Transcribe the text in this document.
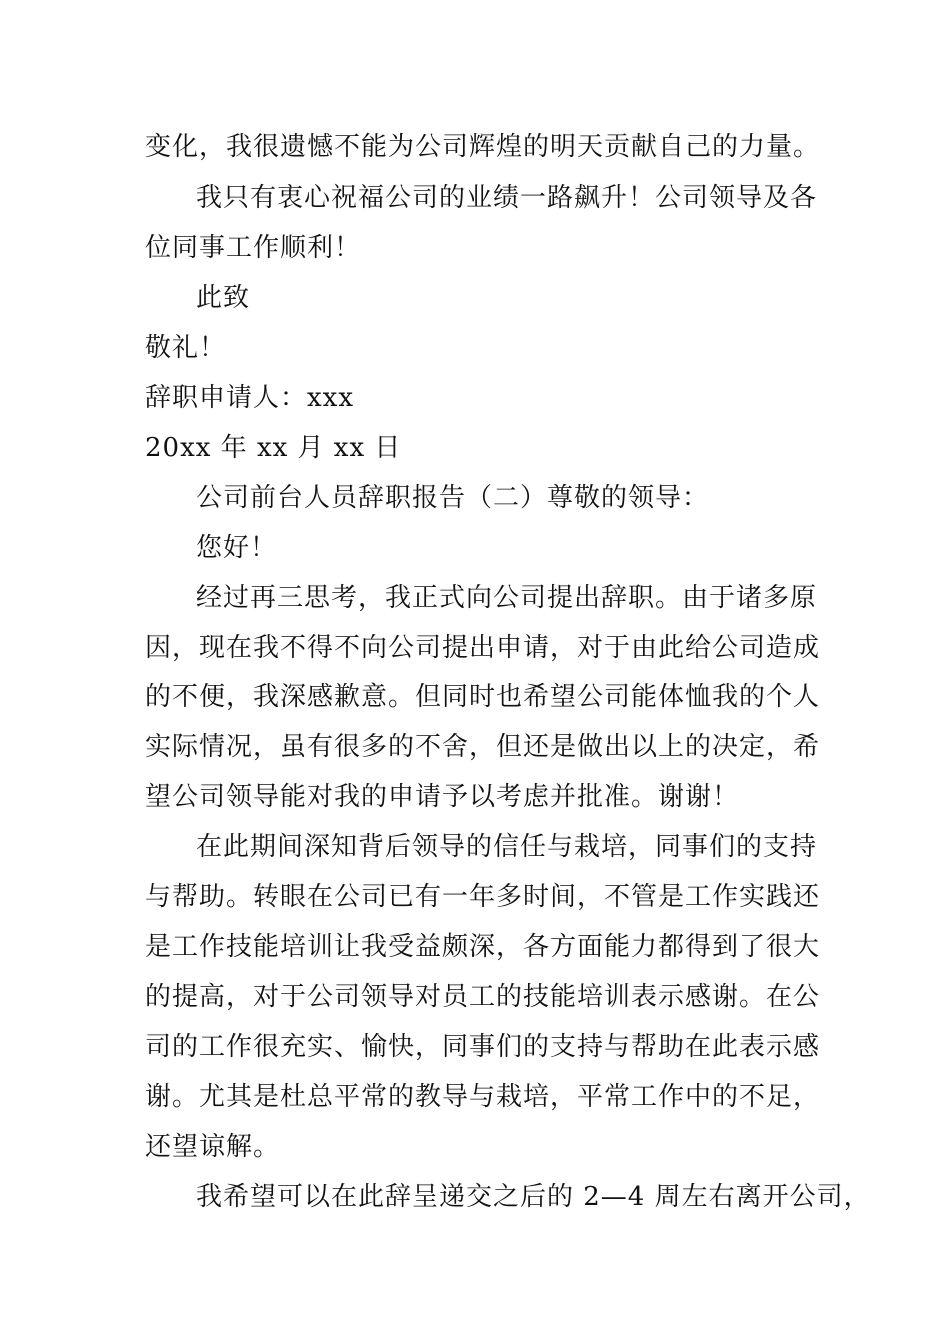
变化，我很遗憾不能为公司辉煌的明天贡献自己的力量。
我只有衷心祝福公司的业绩一路飙升！公司领导及各
位同事工作顺利！
此致
敬礼！
辞职申请人：xxx
20xx 年 xx 月 xx 日
公司前台人员辞职报告（二）尊敬的领导：
您好！
经过再三思考，我正式向公司提出辞职。由于诸多原
因，现在我不得不向公司提出申请，对于由此给公司造成
的不便，我深感歉意。但同时也希望公司能体恤我的个人
实际情况，虽有很多的不舍，但还是做出以上的决定，希
望公司领导能对我的申请予以考虑并批准。谢谢！
在此期间深知背后领导的信任与栽培，同事们的支持
与帮助。转眼在公司已有一年多时间，不管是工作实践还
是工作技能培训让我受益颇深，各方面能力都得到了很大
的提高，对于公司领导对员工的技能培训表示感谢。在公
司的工作很充实、愉快，同事们的支持与帮助在此表示感
谢。尤其是杜总平常的教导与栽培，平常工作中的不足，
还望谅解。
我希望可以在此辞呈递交之后的 2—4 周左右离开公司，
